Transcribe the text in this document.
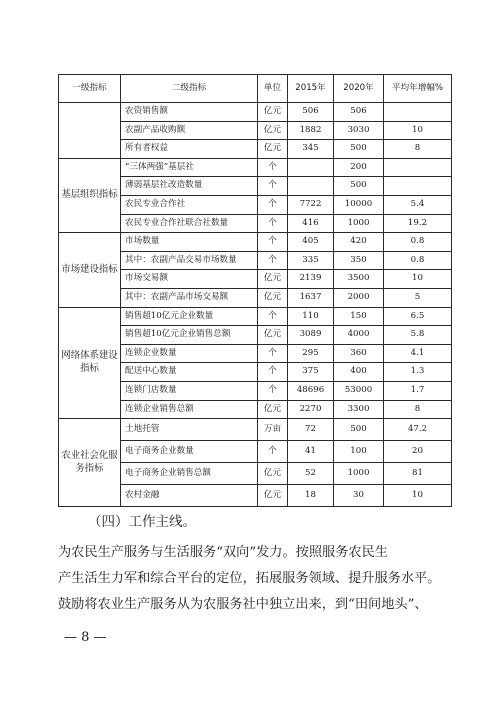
一级指标	二级指标	单位	2015年	2020年	平均年增幅%
	农资销售额	亿元	506	506	
	农副产品收购额	亿元	1882	3030	10
	所有者权益	亿元	345	500	8
基层组织指标	“三体两强”基层社	个		200	
	薄弱基层社改造数量	个		500	
	农民专业合作社	个	7722	10000	5.4
	农民专业合作社联合社数量	个	416	1000	19.2
市场建设指标	市场数量	个	405	420	0.8
	其中：农副产品交易市场数量	个	335	350	0.8
	市场交易额	亿元	2139	3500	10
	其中：农副产品市场交易额	亿元	1637	2000	5
网络体系建设指标	销售超10亿元企业数量	个	110	150	6.5
	销售超10亿元企业销售总额	亿元	3089	4000	5.8
	连锁企业数量	个	295	360	4.1
	配送中心数量	个	375	400	1.3
	连锁门店数量	个	48696	53000	1.7
	连锁企业销售总额	亿元	2270	3300	8
农业社会化服务指标	土地托管	万亩	72	500	47.2
	电子商务企业数量	个	41	100	20
	电子商务企业销售总额	亿元	52	1000	81
	农村金融	亿元	18	30	10
（四）工作主线。
为农民生产服务与生活服务“双向”发力。按照服务农民生
产生活生力军和综合平台的定位，拓展服务领域、提升服务水平。
鼓励将农业生产服务从为农服务社中独立出来，到“田间地头”、
— 8 —
